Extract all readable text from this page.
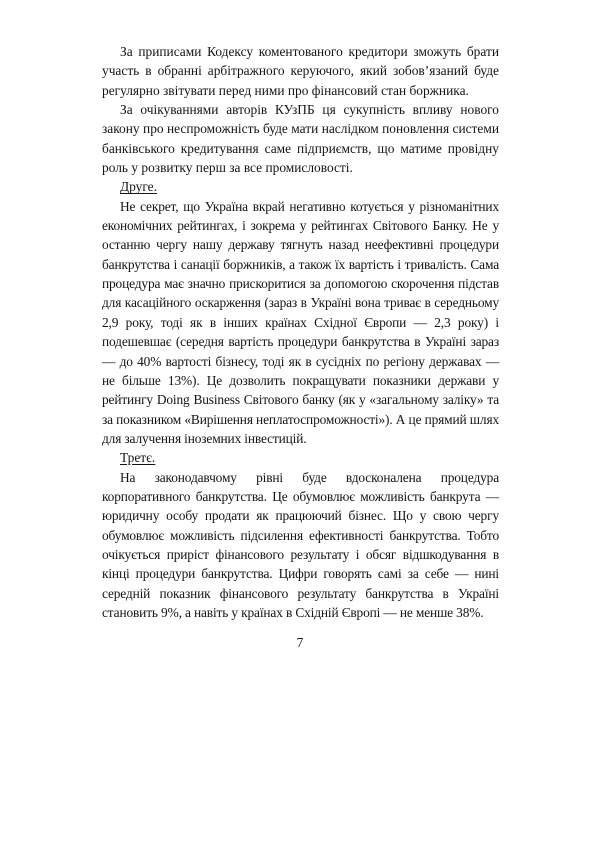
За приписами Кодексу коментованого кредитори зможуть брати участь в обранні арбітражного керуючого, який зобов’язаний буде регулярно звітувати перед ними про фінансовий стан боржника.

За очікуваннями авторів КУзПБ ця сукупність впливу нового закону про неспроможність буде мати наслідком поновлення системи банківського кредитування саме підприємств, що матиме провідну роль у розвитку перш за все промисловості.

Друге.

Не секрет, що Україна вкрай негативно котується у різноманітних економічних рейтингах, і зокрема у рейтингах Світового Банку. Не у останню чергу нашу державу тягнуть назад неефективні процедури банкрутства і санації боржників, а також їх вартість і тривалість. Сама процедура має значно прискоритися за допомогою скорочення підстав для касаційного оскарження (зараз в Україні вона триває в середньому 2,9 року, тоді як в інших країнах Східної Європи — 2,3 року) і подешевшає (середня вартість процедури банкрутства в Україні зараз — до 40% вартості бізнесу, тоді як в сусідніх по регіону державах — не більше 13%). Це дозволить покращувати показники держави у рейтингу Doing Business Світового банку (як у «загальному заліку» та за показником «Вирішення неплатоспроможності»). А це прямий шлях для залучення іноземних інвестицій.

Третє.

На законодавчому рівні буде вдосконалена процедура корпоративного банкрутства. Це обумовлює можливість банкрута — юридичну особу продати як працюючий бізнес. Що у свою чергу обумовлює можливість підсилення ефективності банкрутства. Тобто очікується приріст фінансового результату і обсяг відшкодування в кінці процедури банкрутства. Цифри говорять самі за себе — нині середній показник фінансового результату банкрутства в Україні становить 9%, а навіть у країнах в Східній Європі — не менше 38%.

7
